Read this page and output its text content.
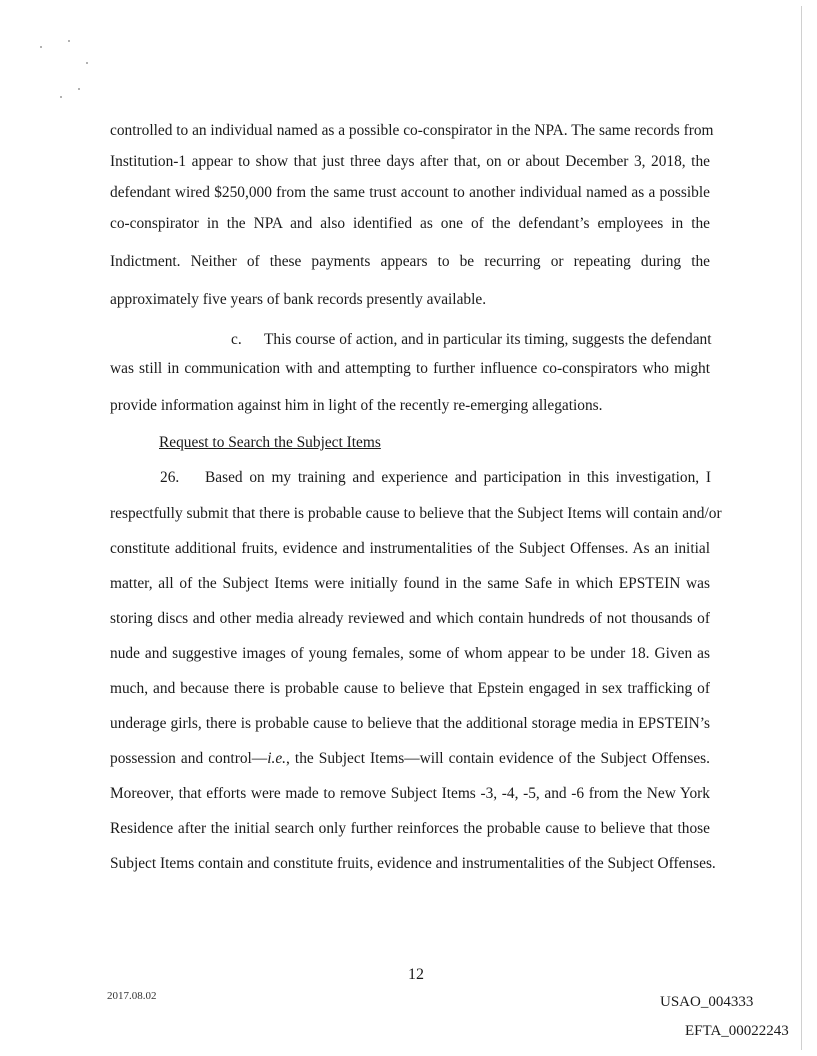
controlled to an individual named as a possible co-conspirator in the NPA. The same records from
Institution-1 appear to show that just three days after that, on or about December 3, 2018, the
defendant wired $250,000 from the same trust account to another individual named as a possible
co-conspirator in the NPA and also identified as one of the defendant’s employees in the
Indictment. Neither of these payments appears to be recurring or repeating during the
approximately five years of bank records presently available.
c. This course of action, and in particular its timing, suggests the defendant
was still in communication with and attempting to further influence co-conspirators who might
provide information against him in light of the recently re-emerging allegations.
Request to Search the Subject Items
26. Based on my training and experience and participation in this investigation, I
respectfully submit that there is probable cause to believe that the Subject Items will contain and/or
constitute additional fruits, evidence and instrumentalities of the Subject Offenses. As an initial
matter, all of the Subject Items were initially found in the same Safe in which EPSTEIN was
storing discs and other media already reviewed and which contain hundreds of not thousands of
nude and suggestive images of young females, some of whom appear to be under 18. Given as
much, and because there is probable cause to believe that Epstein engaged in sex trafficking of
underage girls, there is probable cause to believe that the additional storage media in EPSTEIN’s
possession and control—i.e., the Subject Items—will contain evidence of the Subject Offenses.
Moreover, that efforts were made to remove Subject Items -3, -4, -5, and -6 from the New York
Residence after the initial search only further reinforces the probable cause to believe that those
Subject Items contain and constitute fruits, evidence and instrumentalities of the Subject Offenses.
12
2017.08.02	USAO_004333
EFTA_00022243
